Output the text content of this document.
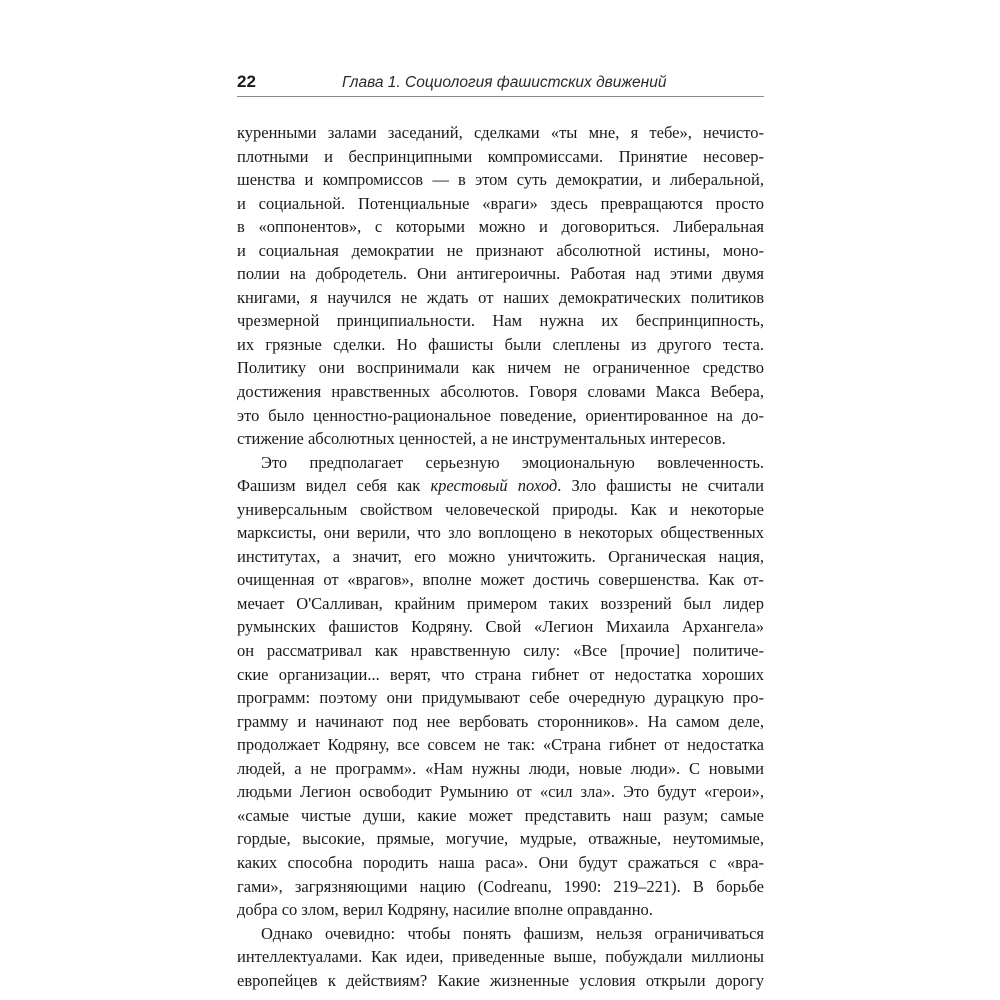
22	Глава 1. Социология фашистских движений
куренными залами заседаний, сделками «ты мне, я тебе», нечисто-
плотными и беспринципными компромиссами. Принятие несовер-
шенства и компромиссов — в этом суть демократии, и либеральной,
и социальной. Потенциальные «враги» здесь превращаются просто
в «оппонентов», с которыми можно и договориться. Либеральная
и социальная демократии не признают абсолютной истины, моно-
полии на добродетель. Они антигероичны. Работая над этими двумя
книгами, я научился не ждать от наших демократических политиков
чрезмерной принципиальности. Нам нужна их беспринципность,
их грязные сделки. Но фашисты были слеплены из другого теста.
Политику они воспринимали как ничем не ограниченное средство
достижения нравственных абсолютов. Говоря словами Макса Вебера,
это было ценностно-рациональное поведение, ориентированное на до-
стижение абсолютных ценностей, а не инструментальных интересов.
Это предполагает серьезную эмоциональную вовлеченность.
Фашизм видел себя как крестовый поход. Зло фашисты не считали
универсальным свойством человеческой природы. Как и некоторые
марксисты, они верили, что зло воплощено в некоторых общественных
институтах, а значит, его можно уничтожить. Органическая нация,
очищенная от «врагов», вполне может достичь совершенства. Как от-
мечает О'Салливан, крайним примером таких воззрений был лидер
румынских фашистов Кодряну. Свой «Легион Михаила Архангела»
он рассматривал как нравственную силу: «Все [прочие] политиче-
ские организации... верят, что страна гибнет от недостатка хороших
программ: поэтому они придумывают себе очередную дурацкую про-
грамму и начинают под нее вербовать сторонников». На самом деле,
продолжает Кодряну, все совсем не так: «Страна гибнет от недостатка
людей, а не программ». «Нам нужны люди, новые люди». С новыми
людьми Легион освободит Румынию от «сил зла». Это будут «герои»,
«самые чистые души, какие может представить наш разум; самые
гордые, высокие, прямые, могучие, мудрые, отважные, неутомимые,
каких способна породить наша раса». Они будут сражаться с «вра-
гами», загрязняющими нацию (Codreanu, 1990: 219–221). В борьбе
добра со злом, верил Кодряну, насилие вполне оправданно.
Однако очевидно: чтобы понять фашизм, нельзя ограничиваться
интеллектуалами. Как идеи, приведенные выше, побуждали миллионы
европейцев к действиям? Какие жизненные условия открыли дорогу
